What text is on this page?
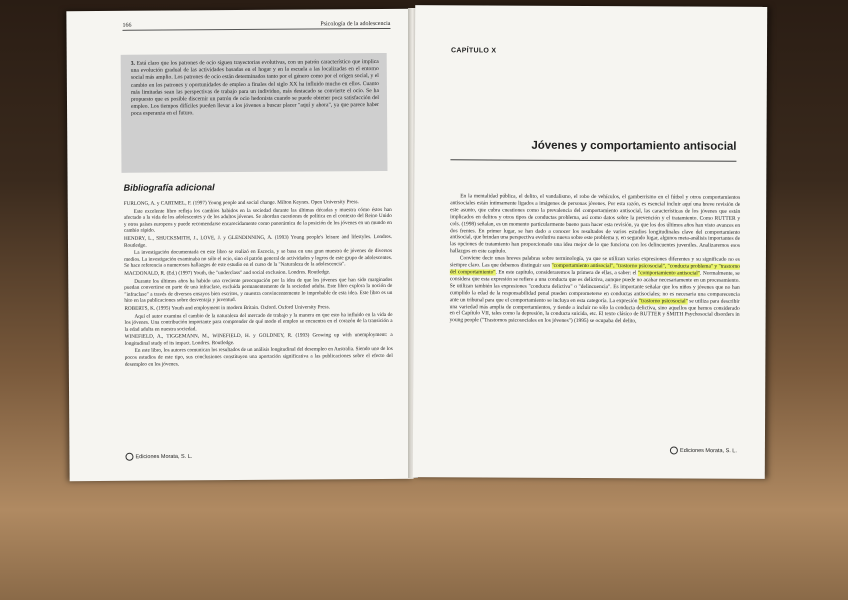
166	Psicología de la adolescencia
3. Está claro que los patrones de ocio siguen trayectorias evolutivas, con un patrón característico que implica una evolución gradual de las actividades basadas en el hogar y en la escuela a las localizadas en el entorno social más amplio. Los patrones de ocio están determinados tanto por el género como por el origen social, y el cambio en los patrones y oportunidades de empleo a finales del siglo XX ha influido mucho en ellos. Cuanto más limitadas sean las perspectivas de trabajo para un individuo, más destacado se convierte el ocio. Se ha propuesto que es posible discernir un patrón de ocio hedonista cuando se puede obtener poca satisfacción del empleo. Los tiempos difíciles pueden llevar a los jóvenes a buscar placer "aquí y ahora", ya que parece haber poca esperanza en el futuro.
Bibliografía adicional

FURLONG, A. y CARTMEL, F. (1997) Young people and social change. Milton Keynes. Open University Press.

Este excelente libro refleja los cambios habidos en la sociedad durante las últimas décadas y muestra cómo éstos han afectado a la vida de los adolescentes y de los adultos jóvenes. Se abordan cuestiones de política en el contexto del Reino Unido y otros países europeos y puede recomendarse encarecidamente como panorámica de la posición de los jóvenes en un mundo en cambio rápido.

HENDRY, L., SHUCKSMITH, J., LOVE, J. y GLENDINNING, A. (1993) Young people's leisure and lifestyles. Londres. Routledge.

La investigación documentada en este libro se realizó en Escocia, y se basa en una gran muestra de jóvenes de diversos medios. La investigación examinaba no sólo el ocio, sino el patrón general de actividades y logros de este grupo de adolescentes. Se hace referencia a numerosos hallazgos de este estudio en el curso de la "Naturaleza de la adolescencia".

MACDONALD, R. (Ed.) (1997) Youth, the "underclass" and social exclusion. Londres. Routledge.

Durante los últimos años ha habido una creciente preocupación por la idea de que los jóvenes que han sido marginados puedan convertirse en parte de una infraclase, excluida permanentemente de la sociedad adulta. Este libro explora la noción de "infraclase" a través de diversos ensayos bien escritos, y muestra convincentemente lo improbable de esta idea. Este libro es un hito en las publicaciones sobre desventaja y juventud.

ROBERTS, K. (1995) Youth and employment in modern Britain. Oxford. Oxford University Press.

Aquí el autor examina el cambio de la naturaleza del mercado de trabajo y la manera en que esto ha influido en la vida de los jóvenes. Una contribución importante para comprender de qué modo el empleo se encuentra en el corazón de la transición a la edad adulta en nuestra sociedad.

WINEFIELD, A., TIGGEMANN, M., WINEFIELD, H. y GOLDNEY, R. (1993) Growing up with unemployment: a longitudinal study of its impact. Londres. Routledge.

En este libro, los autores comunican los resultados de un análisis longitudinal del desempleo en Australia. Siendo uno de los pocos estudios de este tipo, sus conclusiones constituyen una aportación significativa a las publicaciones sobre el efecto del desempleo en los jóvenes.

Ediciones Morata, S. L.
CAPÍTULO X
Jóvenes y comportamiento antisocial

En la mentalidad pública, el delito, el vandalismo, el robo de vehículos, el gamberrismo en el fútbol y otros comportamientos antisociales están íntimamente ligados a imágenes de personas jóvenes. Por esta razón, es esencial incluir aquí una breve revisión de este asunto, que cubra cuestiones como la prevalencia del comportamiento antisocial, las características de los jóvenes que están implicados en delitos y otros tipos de conductas problema, así como datos sobre la prevención y el tratamiento. Como RUTTER y cols. (1998) señalan, es un momento particularmente bueno para hacer esta revisión, ya que los dos últimos años han visto avances en dos frentes. En primer lugar, se han dado a conocer los resultados de varios estudios longitudinales clave del comportamiento antisocial, que brindan una perspectiva evolutiva nueva sobre este problema y, en segundo lugar, algunos meta-análisis importantes de las opciones de tratamiento han proporcionado una idea mejor de lo que funciona con los delincuentes juveniles. Analizaremos esos hallazgos en este capítulo.

Conviene decir unas breves palabras sobre terminología, ya que se utilizan varias expresiones diferentes y su significado no es siempre claro. Las que debemos distinguir son "comportamiento antisocial", "trastorno psicosocial", "conducta problema" y "trastorno del comportamiento". En este capítulo, consideraremos la primera de ellas, a saber: el "comportamiento antisocial". Normalmente, se considera que esta expresión se refiere a una conducta que es delictiva, aunque puede no acabar necesariamente en un procesamiento. Se utilizan también las expresiones "conducta delictiva" o "delincuencia". Es importante señalar que los niños y jóvenes que no han cumplido la edad de la responsabilidad penal pueden comprometerse en conductas antisociales; no es necesaria una comparecencia ante un tribunal para que el comportamiento se incluya en esta categoría. La expresión "trastorno psicosocial" se utiliza para describir una variedad más amplia de comportamientos, y tiende a incluir no sólo la conducta delictiva, sino aquellos que hemos considerado en el Capítulo VII, tales como la depresión, la conducta suicida, etc. El texto clásico de RUTTER y SMITH Psychosocial disorders in young people ("Trastornos psicosociales en los jóvenes") (1995) se ocupaba del delito,

Ediciones Morata, S. L.
